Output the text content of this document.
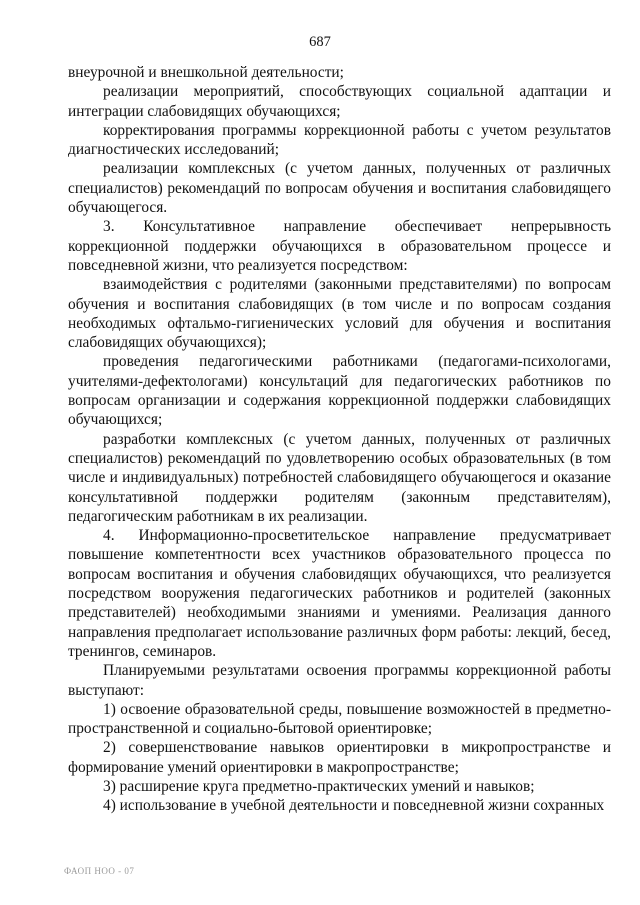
687

внеурочной и внешкольной деятельности;

реализации мероприятий, способствующих социальной адаптации и интеграции слабовидящих обучающихся;

корректирования программы коррекционной работы с учетом результатов диагностических исследований;

реализации комплексных (с учетом данных, полученных от различных специалистов) рекомендаций по вопросам обучения и воспитания слабовидящего обучающегося.

3. Консультативное направление обеспечивает непрерывность коррекционной поддержки обучающихся в образовательном процессе и повседневной жизни, что реализуется посредством:

взаимодействия с родителями (законными представителями) по вопросам обучения и воспитания слабовидящих (в том числе и по вопросам создания необходимых офтальмо-гигиенических условий для обучения и воспитания слабовидящих обучающихся);

проведения педагогическими работниками (педагогами-психологами, учителями-дефектологами) консультаций для педагогических работников по вопросам организации и содержания коррекционной поддержки слабовидящих обучающихся;

разработки комплексных (с учетом данных, полученных от различных специалистов) рекомендаций по удовлетворению особых образовательных (в том числе и индивидуальных) потребностей слабовидящего обучающегося и оказание консультативной поддержки родителям (законным представителям), педагогическим работникам в их реализации.

4. Информационно-просветительское направление предусматривает повышение компетентности всех участников образовательного процесса по вопросам воспитания и обучения слабовидящих обучающихся, что реализуется посредством вооружения педагогических работников и родителей (законных представителей) необходимыми знаниями и умениями. Реализация данного направления предполагает использование различных форм работы: лекций, бесед, тренингов, семинаров.

Планируемыми результатами освоения программы коррекционной работы выступают:

1) освоение образовательной среды, повышение возможностей в предметно-пространственной и социально-бытовой ориентировке;

2) совершенствование навыков ориентировки в микропространстве и формирование умений ориентировки в макропространстве;

3) расширение круга предметно-практических умений и навыков;

4) использование в учебной деятельности и повседневной жизни сохранных

ФАОП НОО - 07
